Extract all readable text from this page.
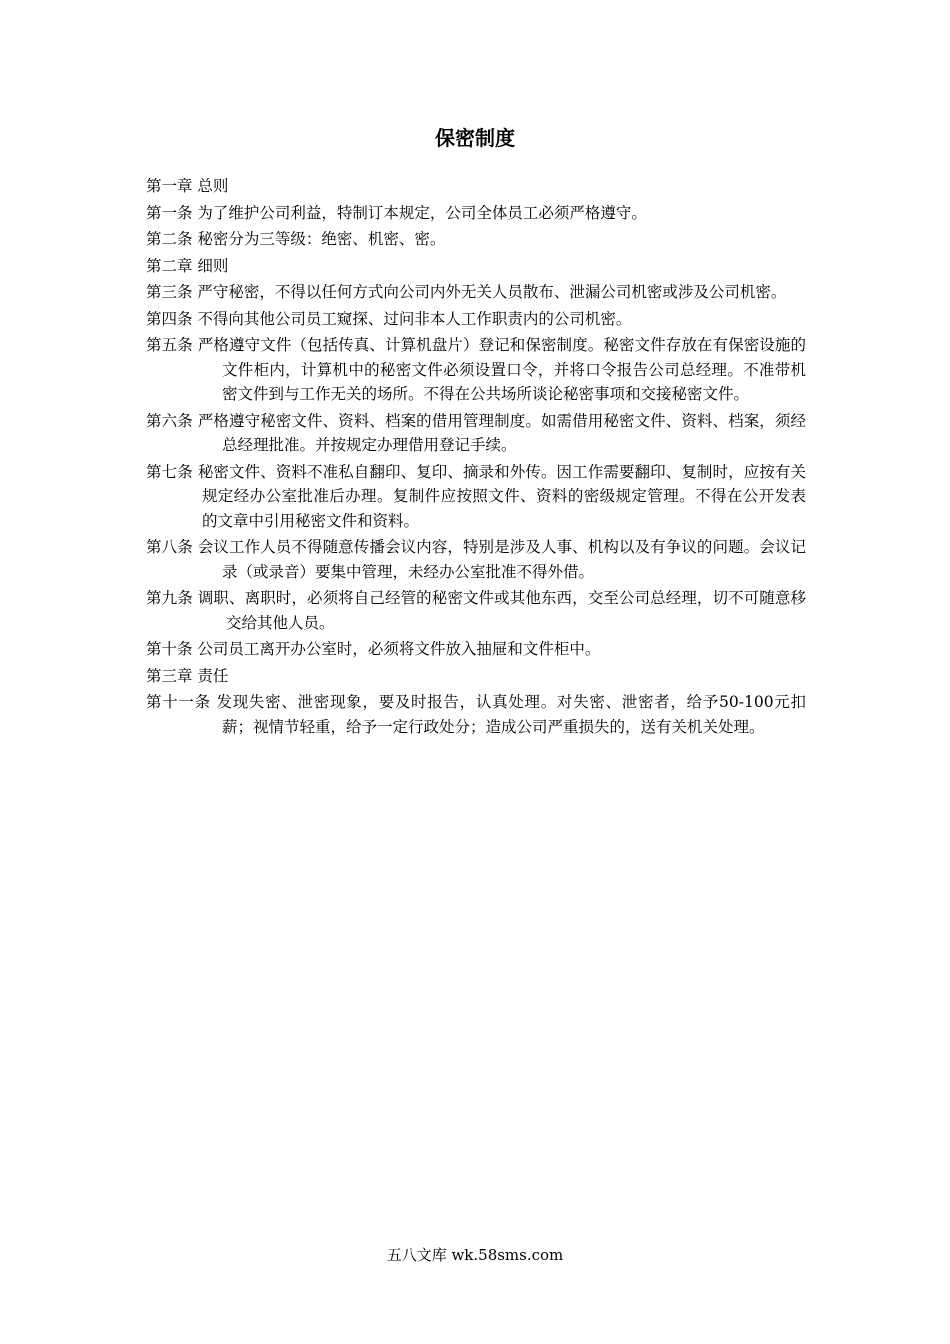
保密制度

第一章 总则

第一条 为了维护公司利益，特制订本规定，公司全体员工必须严格遵守。

第二条 秘密分为三等级：绝密、机密、密。

第二章 细则

第三条 严守秘密，不得以任何方式向公司内外无关人员散布、泄漏公司机密或涉及公司机密。

第四条 不得向其他公司员工窥探、过问非本人工作职责内的公司机密。

第五条 严格遵守文件（包括传真、计算机盘片）登记和保密制度。秘密文件存放在有保密设施的文件柜内，计算机中的秘密文件必须设置口令，并将口令报告公司总经理。不准带机密文件到与工作无关的场所。不得在公共场所谈论秘密事项和交接秘密文件。

第六条 严格遵守秘密文件、资料、档案的借用管理制度。如需借用秘密文件、资料、档案，须经总经理批准。并按规定办理借用登记手续。

第七条 秘密文件、资料不准私自翻印、复印、摘录和外传。因工作需要翻印、复制时，应按有关规定经办公室批准后办理。复制件应按照文件、资料的密级规定管理。不得在公开发表的文章中引用秘密文件和资料。

第八条 会议工作人员不得随意传播会议内容，特别是涉及人事、机构以及有争议的问题。会议记录（或录音）要集中管理，未经办公室批准不得外借。

第九条 调职、离职时，必须将自己经管的秘密文件或其他东西，交至公司总经理，切不可随意移交给其他人员。

第十条 公司员工离开办公室时，必须将文件放入抽屉和文件柜中。

第三章 责任

第十一条 发现失密、泄密现象，要及时报告，认真处理。对失密、泄密者，给予50-100元扣薪；视情节轻重，给予一定行政处分；造成公司严重损失的，送有关机关处理。

五八文库 wk.58sms.com
